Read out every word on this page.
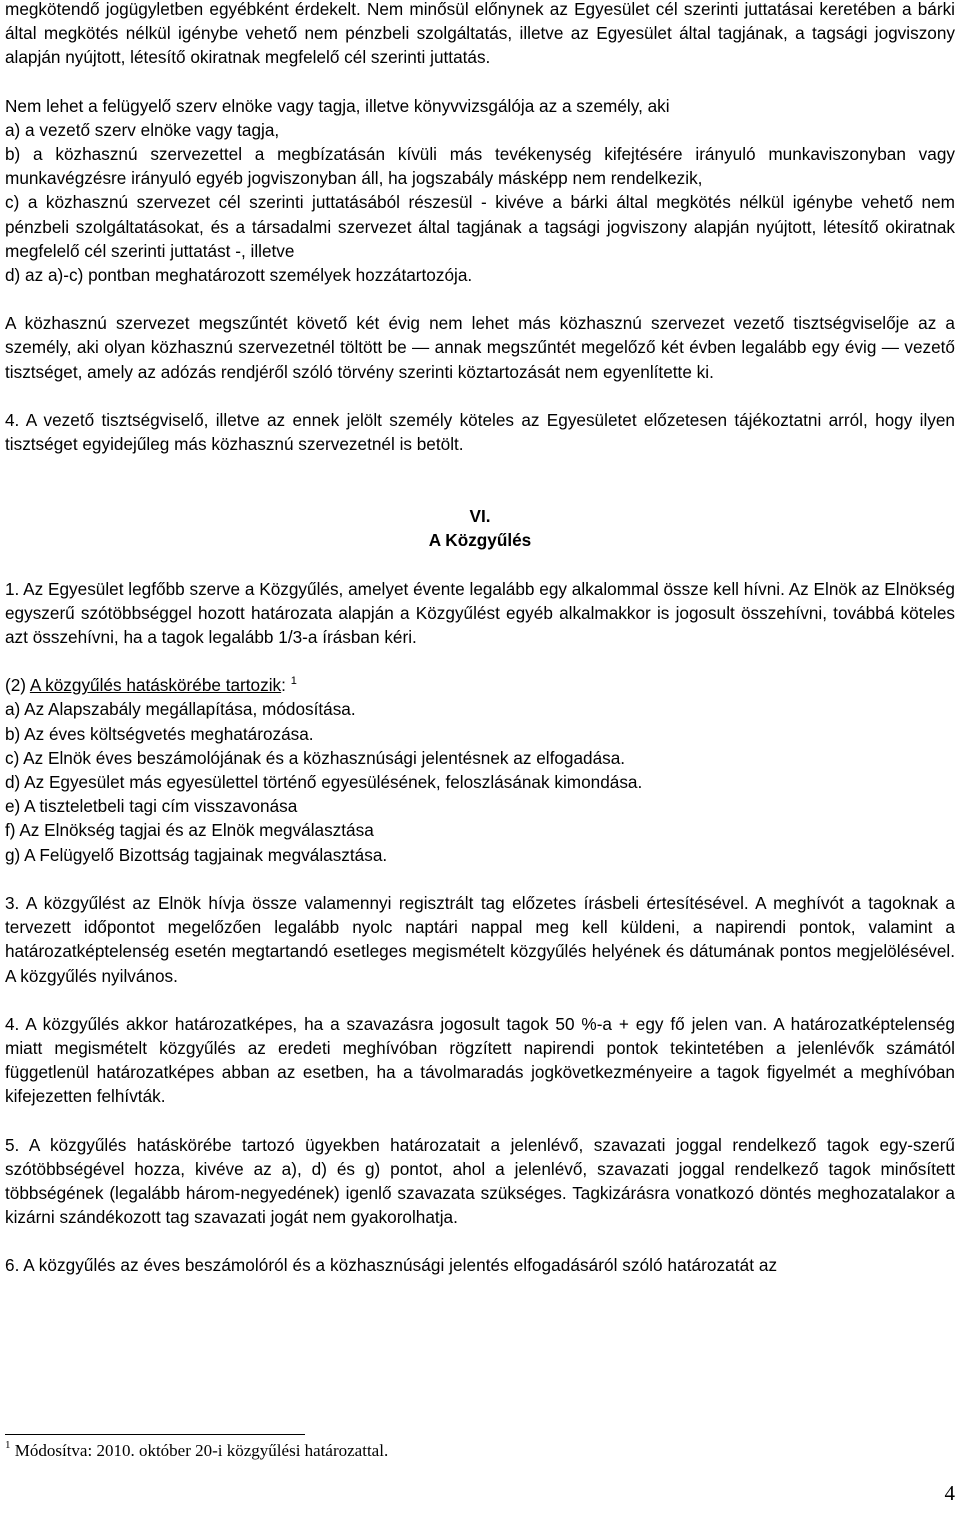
megkötendő jogügyletben egyébként érdekelt. Nem minősül előnynek az Egyesület cél szerinti juttatásai keretében a bárki által megkötés nélkül igénybe vehető nem pénzbeli szolgáltatás, illetve az Egyesület által tagjának, a tagsági jogviszony alapján nyújtott, létesítő okiratnak megfelelő cél szerinti juttatás.

Nem lehet a felügyelő szerv elnöke vagy tagja, illetve könyvvizsgálója az a személy, aki

a) a vezető szerv elnöke vagy tagja,

b) a közhasznú szervezettel a megbízatásán kívüli más tevékenység kifejtésére irányuló munkaviszonyban vagy munkavégzésre irányuló egyéb jogviszonyban áll, ha jogszabály másképp nem rendelkezik,

c) a közhasznú szervezet cél szerinti juttatásából részesül - kivéve a bárki által megkötés nélkül igénybe vehető nem pénzbeli szolgáltatásokat, és a társadalmi szervezet által tagjának a tagsági jogviszony alapján nyújtott, létesítő okiratnak megfelelő cél szerinti juttatást -, illetve

d) az a)-c) pontban meghatározott személyek hozzátartozója.

A közhasznú szervezet megszűntét követő két évig nem lehet más közhasznú szervezet vezető tisztségviselője az a személy, aki olyan közhasznú szervezetnél töltött be — annak megszűntét megelőző két évben legalább egy évig — vezető tisztséget, amely az adózás rendjéről szóló törvény szerinti köztartozását nem egyenlítette ki.

4. A vezető tisztségviselő, illetve az ennek jelölt személy köteles az Egyesületet előzetesen tájékoztatni arról, hogy ilyen tisztséget egyidejűleg más közhasznú szervezetnél is betölt.

VI.

A Közgyűlés

1. Az Egyesület legfőbb szerve a Közgyűlés, amelyet évente legalább egy alkalommal össze kell hívni. Az Elnök az Elnökség egyszerű szótöbbséggel hozott határozata alapján a Közgyűlést egyéb alkalmakkor is jogosult összehívni, továbbá köteles azt összehívni, ha a tagok legalább 1/3-a írásban kéri.

(2) A közgyűlés hatáskörébe tartozik: $^1$

a) Az Alapszabály megállapítása, módosítása.

b) Az éves költségvetés meghatározása.

c) Az Elnök éves beszámolójának és a közhasznúsági jelentésnek az elfogadása.

d) Az Egyesület más egyesülettel történő egyesülésének, feloszlásának kimondása.

e) A tiszteletbeli tagi cím visszavonása

f) Az Elnökség tagjai és az Elnök megválasztása

g) A Felügyelő Bizottság tagjainak megválasztása.

3. A közgyűlést az Elnök hívja össze valamennyi regisztrált tag előzetes írásbeli értesítésével. A meghívót a tagoknak a tervezett időpontot megelőzően legalább nyolc naptári nappal meg kell küldeni, a napirendi pontok, valamint a határozatképtelenség esetén megtartandó esetleges megismételt közgyűlés helyének és dátumának pontos megjelölésével. A közgyűlés nyilvános.

4. A közgyűlés akkor határozatképes, ha a szavazásra jogosult tagok 50 %-a + egy fő jelen van. A határozatképtelenség miatt megismételt közgyűlés az eredeti meghívóban rögzített napirendi pontok tekintetében a jelenlévők számától függetlenül határozatképes abban az esetben, ha a távolmaradás jogkövetkezményeire a tagok figyelmét a meghívóban kifejezetten felhívták.

5. A közgyűlés hatáskörébe tartozó ügyekben határozatait a jelenlévő, szavazati joggal rendelkező tagok egy-szerű szótöbbségével hozza, kivéve az a), d) és g) pontot, ahol a jelenlévő, szavazati joggal rendelkező tagok minősített többségének (legalább három-negyedének) igenlő szavazata szükséges. Tagkizárásra vonatkozó döntés meghozatalakor a kizárni szándékozott tag szavazati jogát nem gyakorolhatja.

6. A közgyűlés az éves beszámolóról és a közhasznúsági jelentés elfogadásáról szóló határozatát az

$^1$ Módosítva: 2010. október 20-i közgyűlési határozattal.
4
